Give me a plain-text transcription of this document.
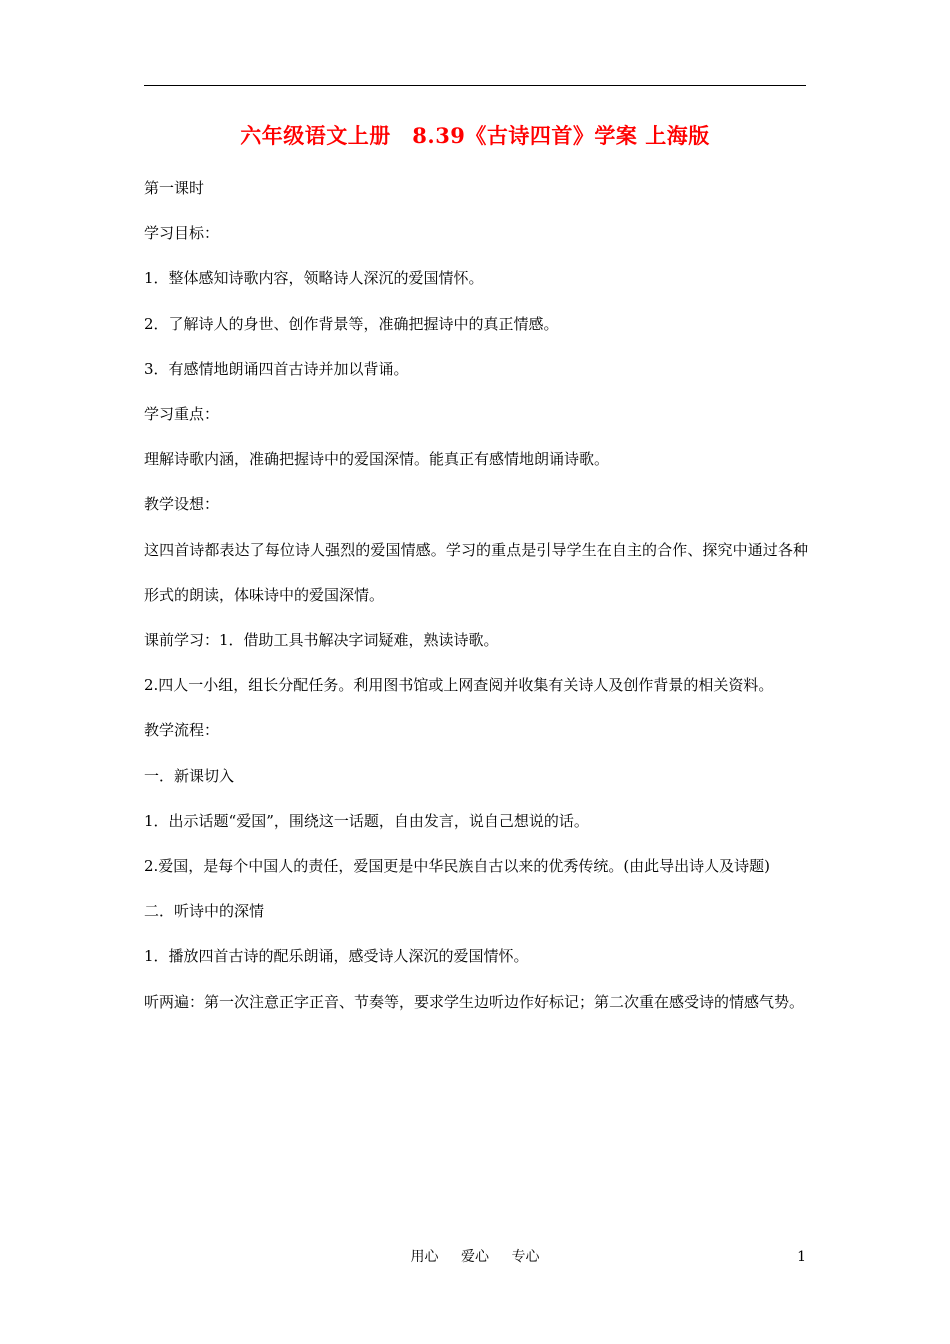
六年级语文上册　8.39《古诗四首》学案 上海版

第一课时

学习目标：

1．整体感知诗歌内容，领略诗人深沉的爱国情怀。

2．了解诗人的身世、创作背景等，准确把握诗中的真正情感。

3．有感情地朗诵四首古诗并加以背诵。

学习重点：

理解诗歌内涵，准确把握诗中的爱国深情。能真正有感情地朗诵诗歌。

教学设想：

这四首诗都表达了每位诗人强烈的爱国情感。学习的重点是引导学生在自主的合作、探究中通过各种形式的朗读，体味诗中的爱国深情。

课前学习：1．借助工具书解决字词疑难，熟读诗歌。

2.四人一小组，组长分配任务。利用图书馆或上网查阅并收集有关诗人及创作背景的相关资料。

教学流程：

一．新课切入

1．出示话题“爱国”，围绕这一话题，自由发言，说自己想说的话。

2.爱国，是每个中国人的责任，爱国更是中华民族自古以来的优秀传统。(由此导出诗人及诗题)

二．听诗中的深情

1．播放四首古诗的配乐朗诵，感受诗人深沉的爱国情怀。

听两遍：第一次注意正字正音、节奏等，要求学生边听边作好标记；第二次重在感受诗的情感气势。

用心 爱心 专心	1
